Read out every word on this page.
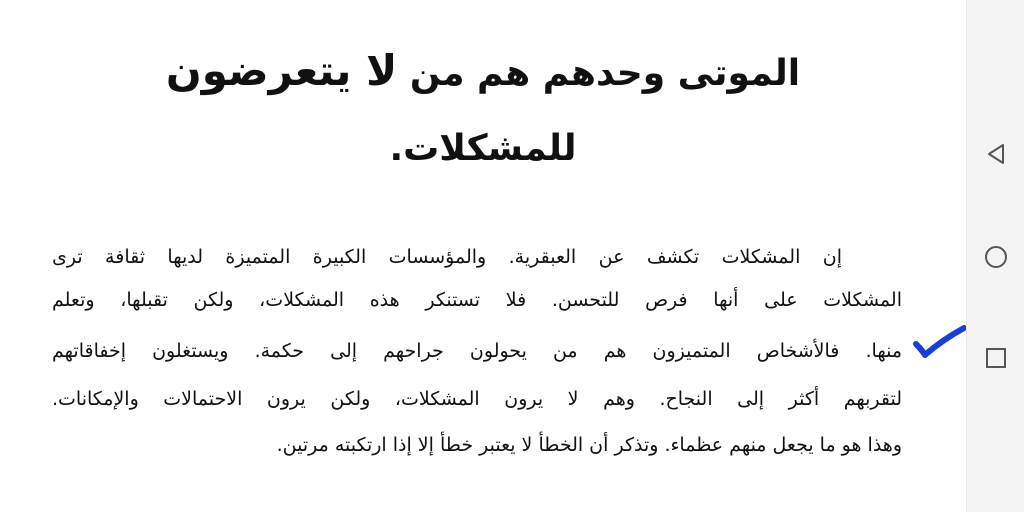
الموتى وحدهم هم من لا يتعرضون
للمشكلات.
إن المشكلات تكشف عن العبقرية. والمؤسسات الكبيرة المتميزة لديها ثقافة ترى
المشكلات على أنها فرص للتحسن. فلا تستنكر هذه المشكلات، ولكن تقبلها، وتعلم
منها. فالأشخاص المتميزون هم من يحولون جراحهم إلى حكمة. ويستغلون إخفاقاتهم
لتقربهم أكثر إلى النجاح. وهم لا يرون المشكلات، ولكن يرون الاحتمالات والإمكانات.
وهذا هو ما يجعل منهم عظماء. وتذكر أن الخطأ لا يعتبر خطأ إلا إذا ارتكبته مرتين.
